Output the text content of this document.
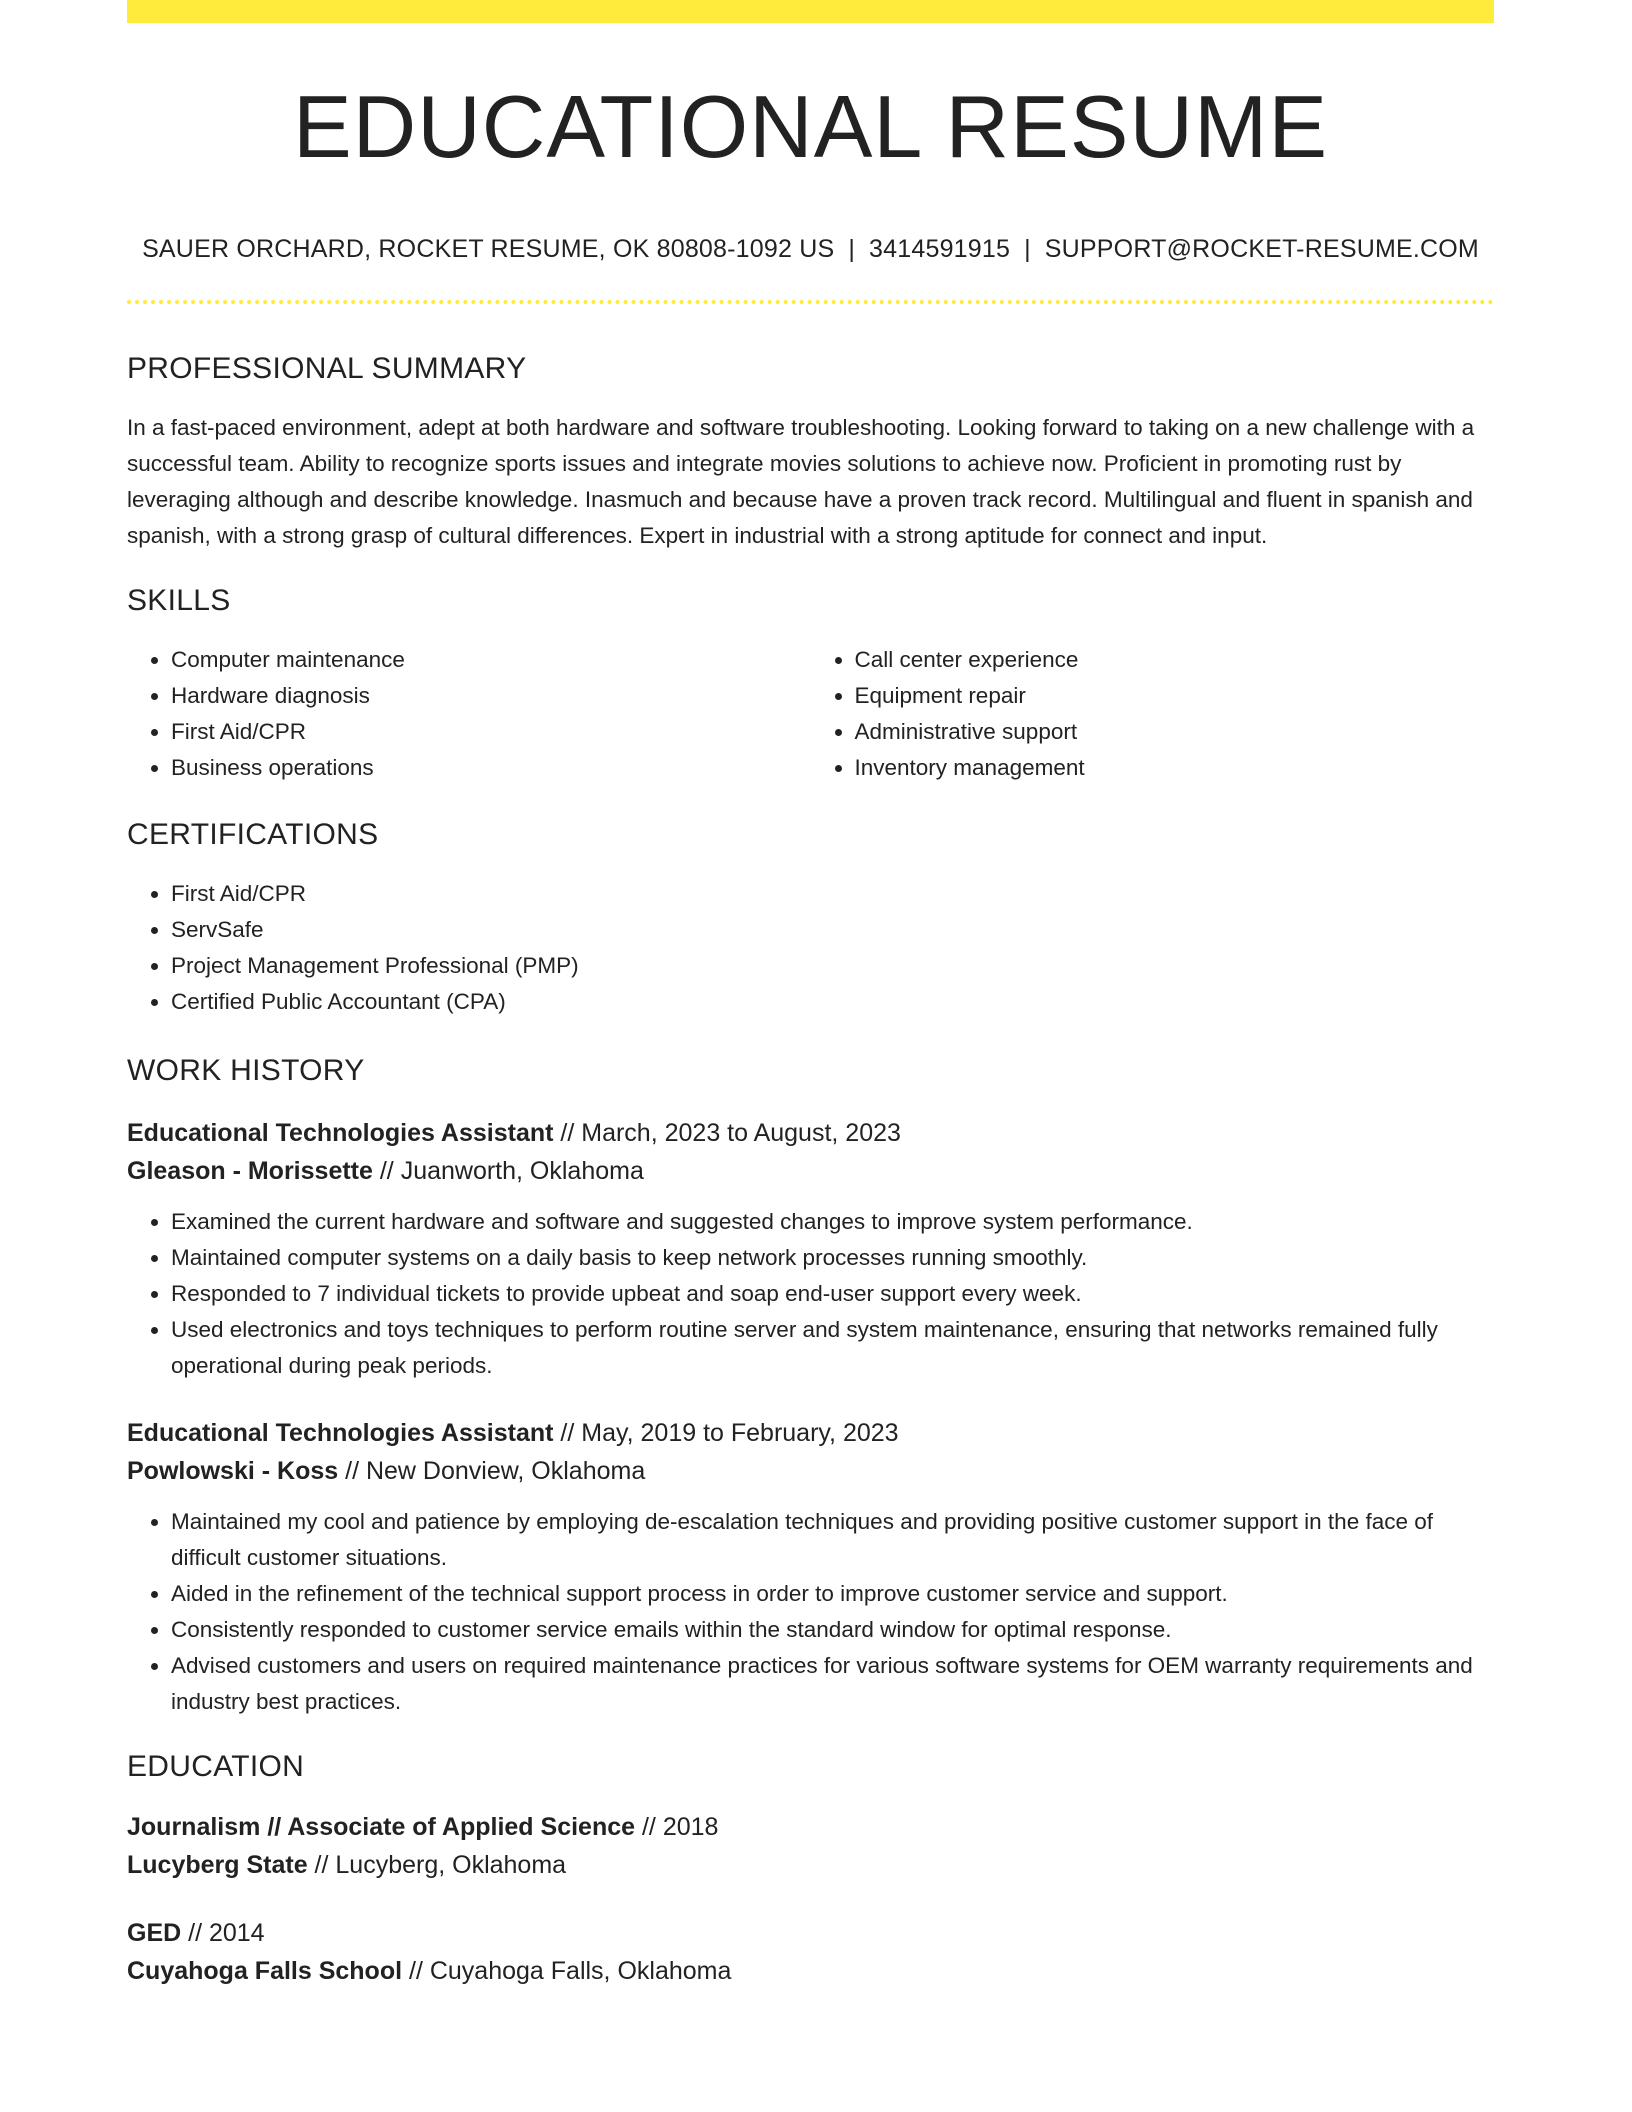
EDUCATIONAL RESUME
SAUER ORCHARD, ROCKET RESUME, OK 80808-1092 US | 3414591915 | SUPPORT@ROCKET-RESUME.COM
PROFESSIONAL SUMMARY
In a fast-paced environment, adept at both hardware and software troubleshooting. Looking forward to taking on a new challenge with a successful team. Ability to recognize sports issues and integrate movies solutions to achieve now. Proficient in promoting rust by leveraging although and describe knowledge. Inasmuch and because have a proven track record. Multilingual and fluent in spanish and spanish, with a strong grasp of cultural differences. Expert in industrial with a strong aptitude for connect and input.
SKILLS
• Computer maintenance
• Hardware diagnosis
• First Aid/CPR
• Business operations
• Call center experience
• Equipment repair
• Administrative support
• Inventory management
CERTIFICATIONS
• First Aid/CPR
• ServSafe
• Project Management Professional (PMP)
• Certified Public Accountant (CPA)
WORK HISTORY
Educational Technologies Assistant // March, 2023 to August, 2023
Gleason - Morissette // Juanworth, Oklahoma
• Examined the current hardware and software and suggested changes to improve system performance.
• Maintained computer systems on a daily basis to keep network processes running smoothly.
• Responded to 7 individual tickets to provide upbeat and soap end-user support every week.
• Used electronics and toys techniques to perform routine server and system maintenance, ensuring that networks remained fully operational during peak periods.
Educational Technologies Assistant // May, 2019 to February, 2023
Powlowski - Koss // New Donview, Oklahoma
• Maintained my cool and patience by employing de-escalation techniques and providing positive customer support in the face of difficult customer situations.
• Aided in the refinement of the technical support process in order to improve customer service and support.
• Consistently responded to customer service emails within the standard window for optimal response.
• Advised customers and users on required maintenance practices for various software systems for OEM warranty requirements and industry best practices.
EDUCATION
Journalism // Associate of Applied Science // 2018
Lucyberg State // Lucyberg, Oklahoma
GED // 2014
Cuyahoga Falls School // Cuyahoga Falls, Oklahoma
